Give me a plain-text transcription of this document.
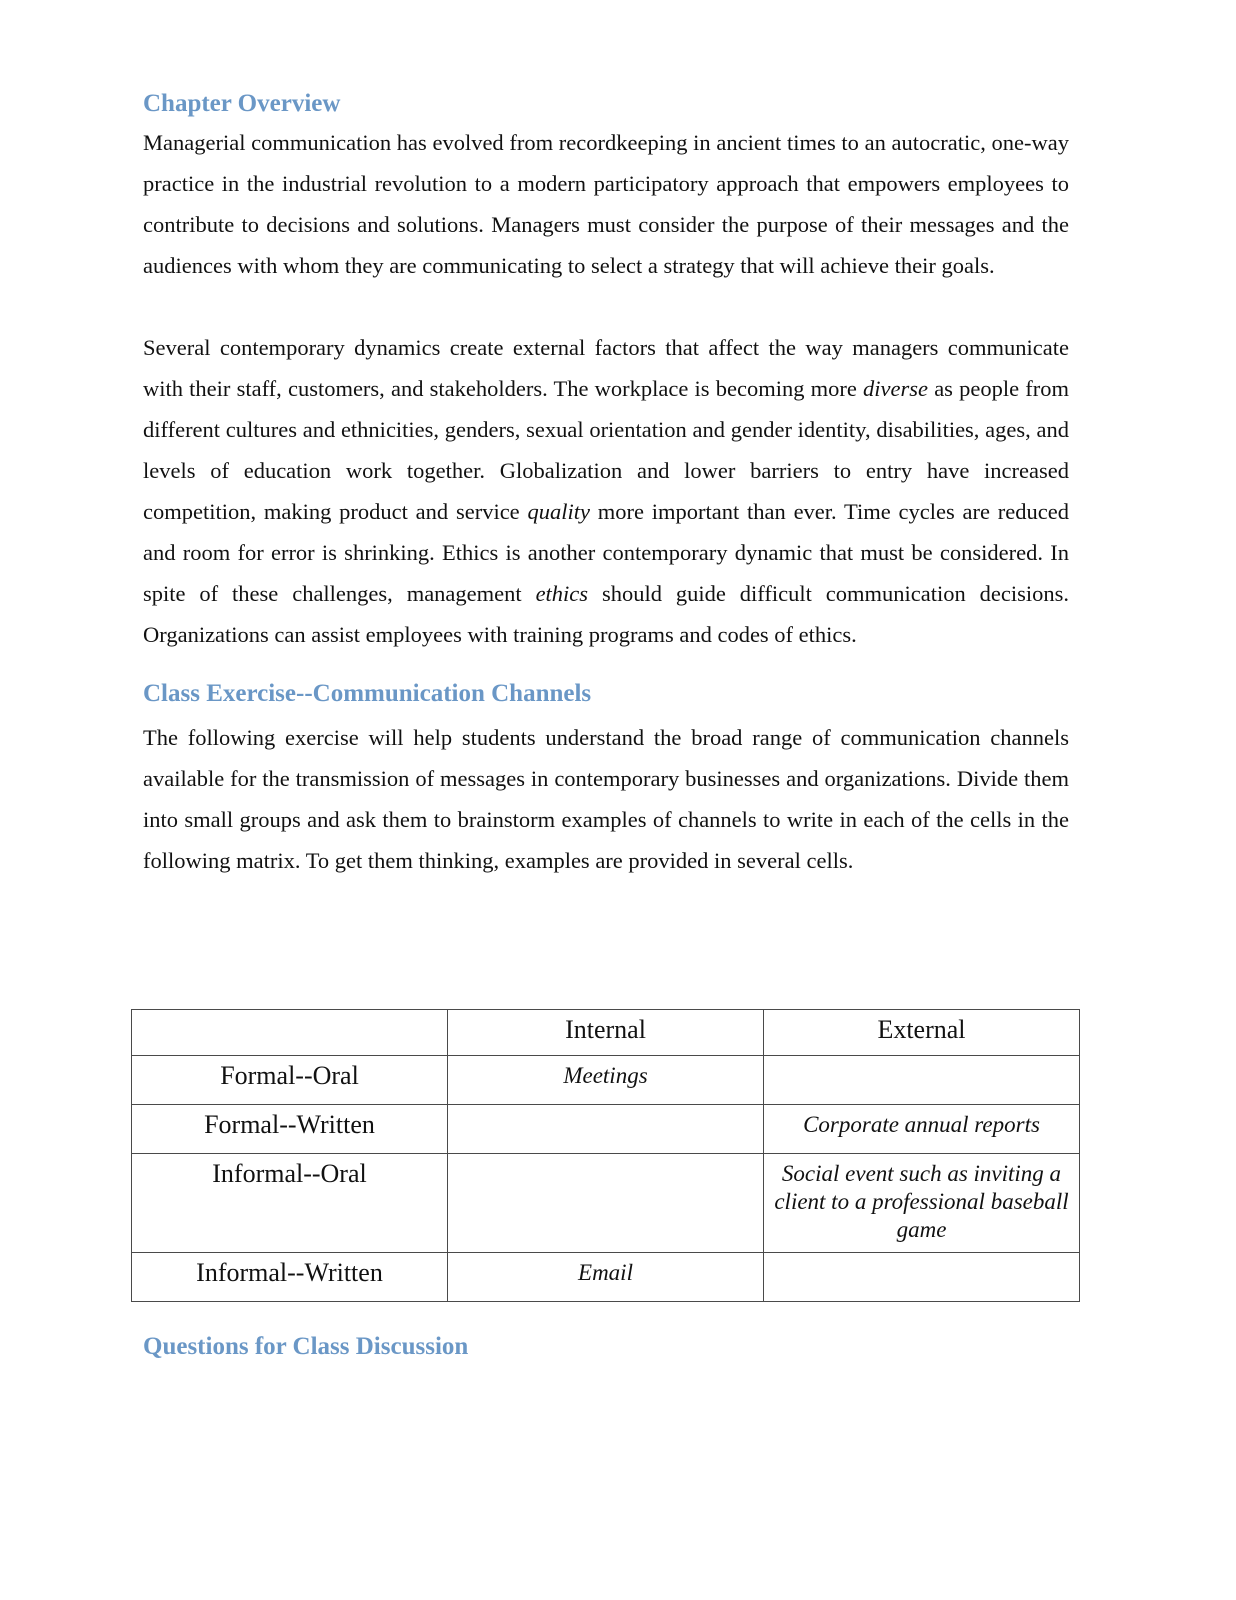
Chapter Overview

Managerial communication has evolved from recordkeeping in ancient times to an autocratic, one-way practice in the industrial revolution to a modern participatory approach that empowers employees to contribute to decisions and solutions. Managers must consider the purpose of their messages and the audiences with whom they are communicating to select a strategy that will achieve their goals.

Several contemporary dynamics create external factors that affect the way managers communicate with their staff, customers, and stakeholders. The workplace is becoming more diverse as people from different cultures and ethnicities, genders, sexual orientation and gender identity, disabilities, ages, and levels of education work together. Globalization and lower barriers to entry have increased competition, making product and service quality more important than ever. Time cycles are reduced and room for error is shrinking. Ethics is another contemporary dynamic that must be considered. In spite of these challenges, management ethics should guide difficult communication decisions. Organizations can assist employees with training programs and codes of ethics.

Class Exercise--Communication Channels

The following exercise will help students understand the broad range of communication channels available for the transmission of messages in contemporary businesses and organizations. Divide them into small groups and ask them to brainstorm examples of channels to write in each of the cells in the following matrix. To get them thinking, examples are provided in several cells.

	Internal	External
Formal--Oral	Meetings	
Formal--Written		Corporate annual reports
Informal--Oral		Social event such as inviting a client to a professional baseball game
Informal--Written	Email	
Questions for Class Discussion
